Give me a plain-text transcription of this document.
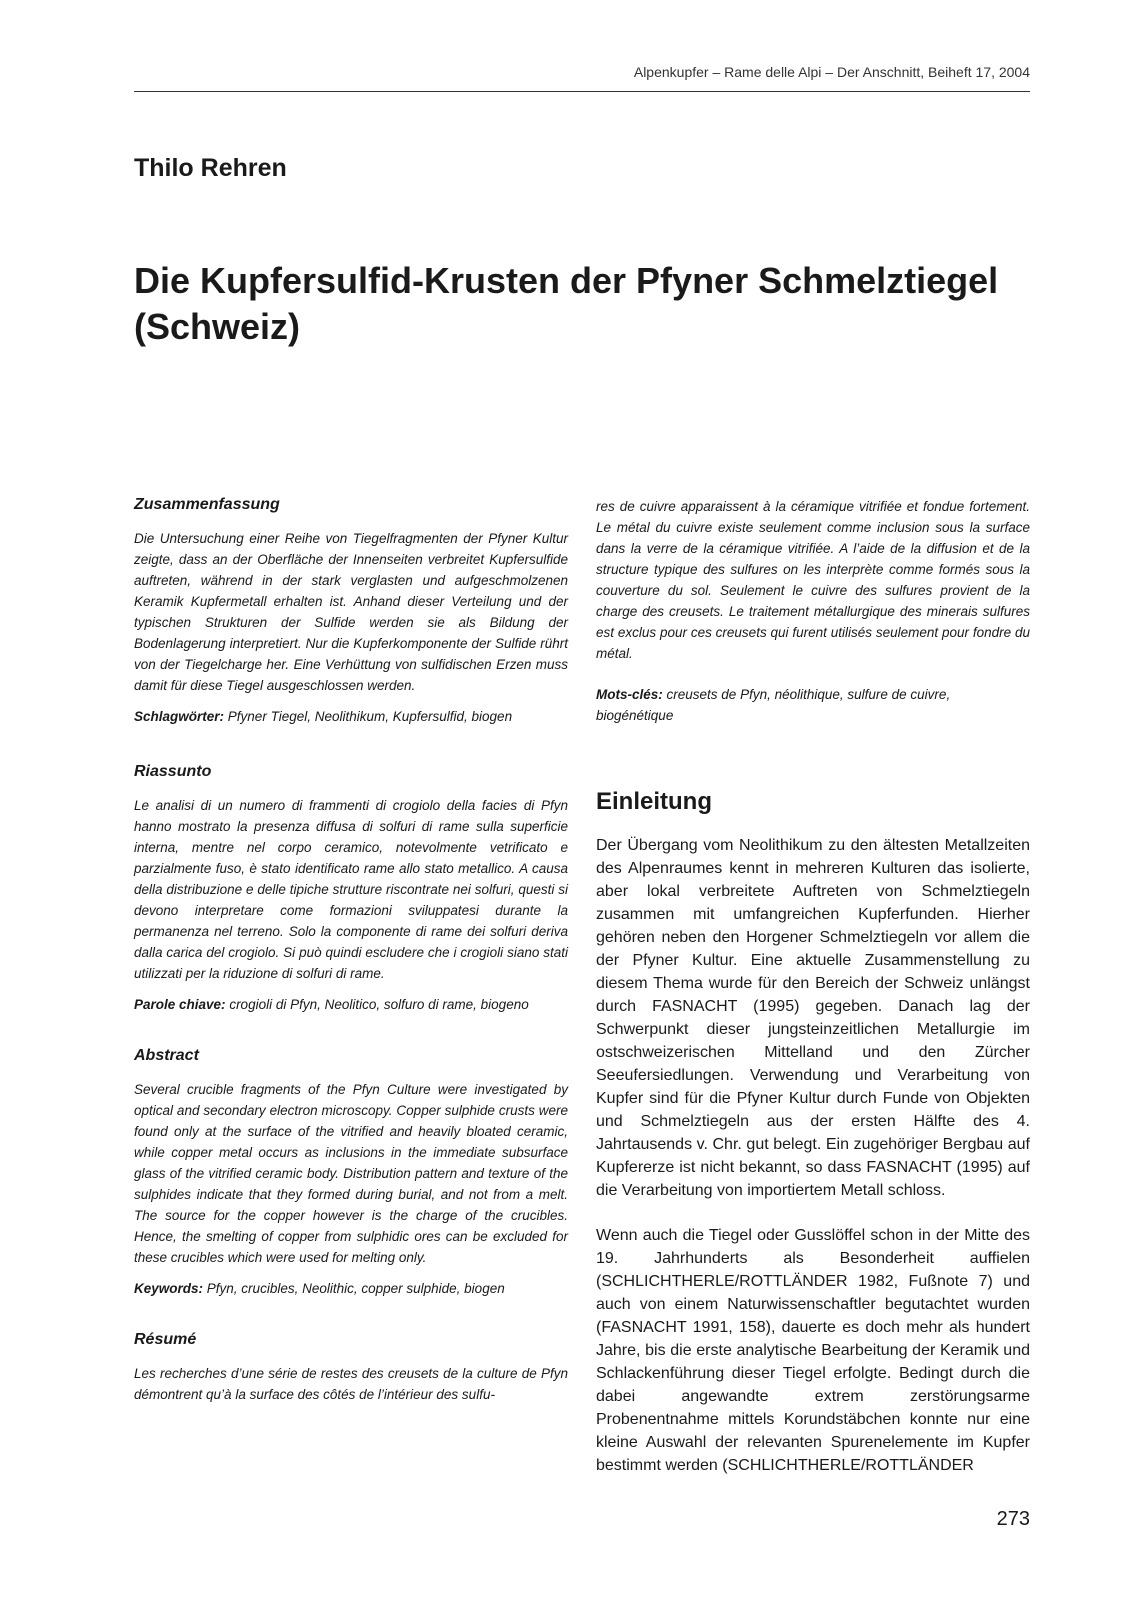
Alpenkupfer – Rame delle Alpi – Der Anschnitt, Beiheft 17, 2004
Thilo Rehren
Die Kupfersulfid-Krusten der Pfyner Schmelztiegel (Schweiz)
Zusammenfassung

Die Untersuchung einer Reihe von Tiegelfragmenten der Pfyner Kultur zeigte, dass an der Oberfläche der Innenseiten verbreitet Kupfersulfide auftreten, während in der stark verglasten und aufgeschmolzenen Keramik Kupfermetall erhalten ist. Anhand dieser Verteilung und der typischen Strukturen der Sulfide werden sie als Bildung der Bodenlagerung interpretiert. Nur die Kupferkomponente der Sulfide rührt von der Tiegelcharge her. Eine Verhüttung von sulfidischen Erzen muss damit für diese Tiegel ausgeschlossen werden.

Schlagwörter: Pfyner Tiegel, Neolithikum, Kupfersulfid, biogen

Riassunto

Le analisi di un numero di frammenti di crogiolo della facies di Pfyn hanno mostrato la presenza diffusa di solfuri di rame sulla superficie interna, mentre nel corpo ceramico, notevolmente vetrificato e parzialmente fuso, è stato identificato rame allo stato metallico. A causa della distribuzione e delle tipiche strutture riscontrate nei solfuri, questi si devono interpretare come formazioni sviluppatesi durante la permanenza nel terreno. Solo la componente di rame dei solfuri deriva dalla carica del crogiolo. Si può quindi escludere che i crogioli siano stati utilizzati per la riduzione di solfuri di rame.

Parole chiave: crogioli di Pfyn, Neolitico, solfuro di rame, biogeno

Abstract

Several crucible fragments of the Pfyn Culture were investigated by optical and secondary electron microscopy. Copper sulphide crusts were found only at the surface of the vitrified and heavily bloated ceramic, while copper metal occurs as inclusions in the immediate subsurface glass of the vitrified ceramic body. Distribution pattern and texture of the sulphides indicate that they formed during burial, and not from a melt. The source for the copper however is the charge of the crucibles. Hence, the smelting of copper from sulphidic ores can be excluded for these crucibles which were used for melting only.

Keywords: Pfyn, crucibles, Neolithic, copper sulphide, biogen

Résumé

Les recherches d’une série de restes des creusets de la culture de Pfyn démontrent qu’à la surface des côtés de l’intérieur des sulfu-

res de cuivre apparaissent à la céramique vitrifiée et fondue fortement. Le métal du cuivre existe seulement comme inclusion sous la surface dans la verre de la céramique vitrifiée. A l’aide de la diffusion et de la structure typique des sulfures on les interprète comme formés sous la couverture du sol. Seulement le cuivre des sulfures provient de la charge des creusets. Le traitement métallurgique des minerais sulfures est exclus pour ces creusets qui furent utilisés seulement pour fondre du métal.

Mots-clés: creusets de Pfyn, néolithique, sulfure de cuivre, biogénétique

Einleitung

Der Übergang vom Neolithikum zu den ältesten Metallzeiten des Alpenraumes kennt in mehreren Kulturen das isolierte, aber lokal verbreitete Auftreten von Schmelztiegeln zusammen mit umfangreichen Kupferfunden. Hierher gehören neben den Horgener Schmelztiegeln vor allem die der Pfyner Kultur. Eine aktuelle Zusammenstellung zu diesem Thema wurde für den Bereich der Schweiz unlängst durch FASNACHT (1995) gegeben. Danach lag der Schwerpunkt dieser jungsteinzeitlichen Metallurgie im ostschweizerischen Mittelland und den Zürcher Seeufersiedlungen. Verwendung und Verarbeitung von Kupfer sind für die Pfyner Kultur durch Funde von Objekten und Schmelztiegeln aus der ersten Hälfte des 4. Jahrtausends v. Chr. gut belegt. Ein zugehöriger Bergbau auf Kupfererze ist nicht bekannt, so dass FASNACHT (1995) auf die Verarbeitung von importiertem Metall schloss.

Wenn auch die Tiegel oder Gusslöffel schon in der Mitte des 19. Jahrhunderts als Besonderheit auffielen (SCHLICHTHERLE/ROTTLÄNDER 1982, Fußnote 7) und auch von einem Naturwissenschaftler begutachtet wurden (FASNACHT 1991, 158), dauerte es doch mehr als hundert Jahre, bis die erste analytische Bearbeitung der Keramik und Schlackenführung dieser Tiegel erfolgte. Bedingt durch die dabei angewandte extrem zerstörungsarme Probenentnahme mittels Korundstäbchen konnte nur eine kleine Auswahl der relevanten Spurenelemente im Kupfer bestimmt werden (SCHLICHTHERLE/ROTTLÄNDER

273
